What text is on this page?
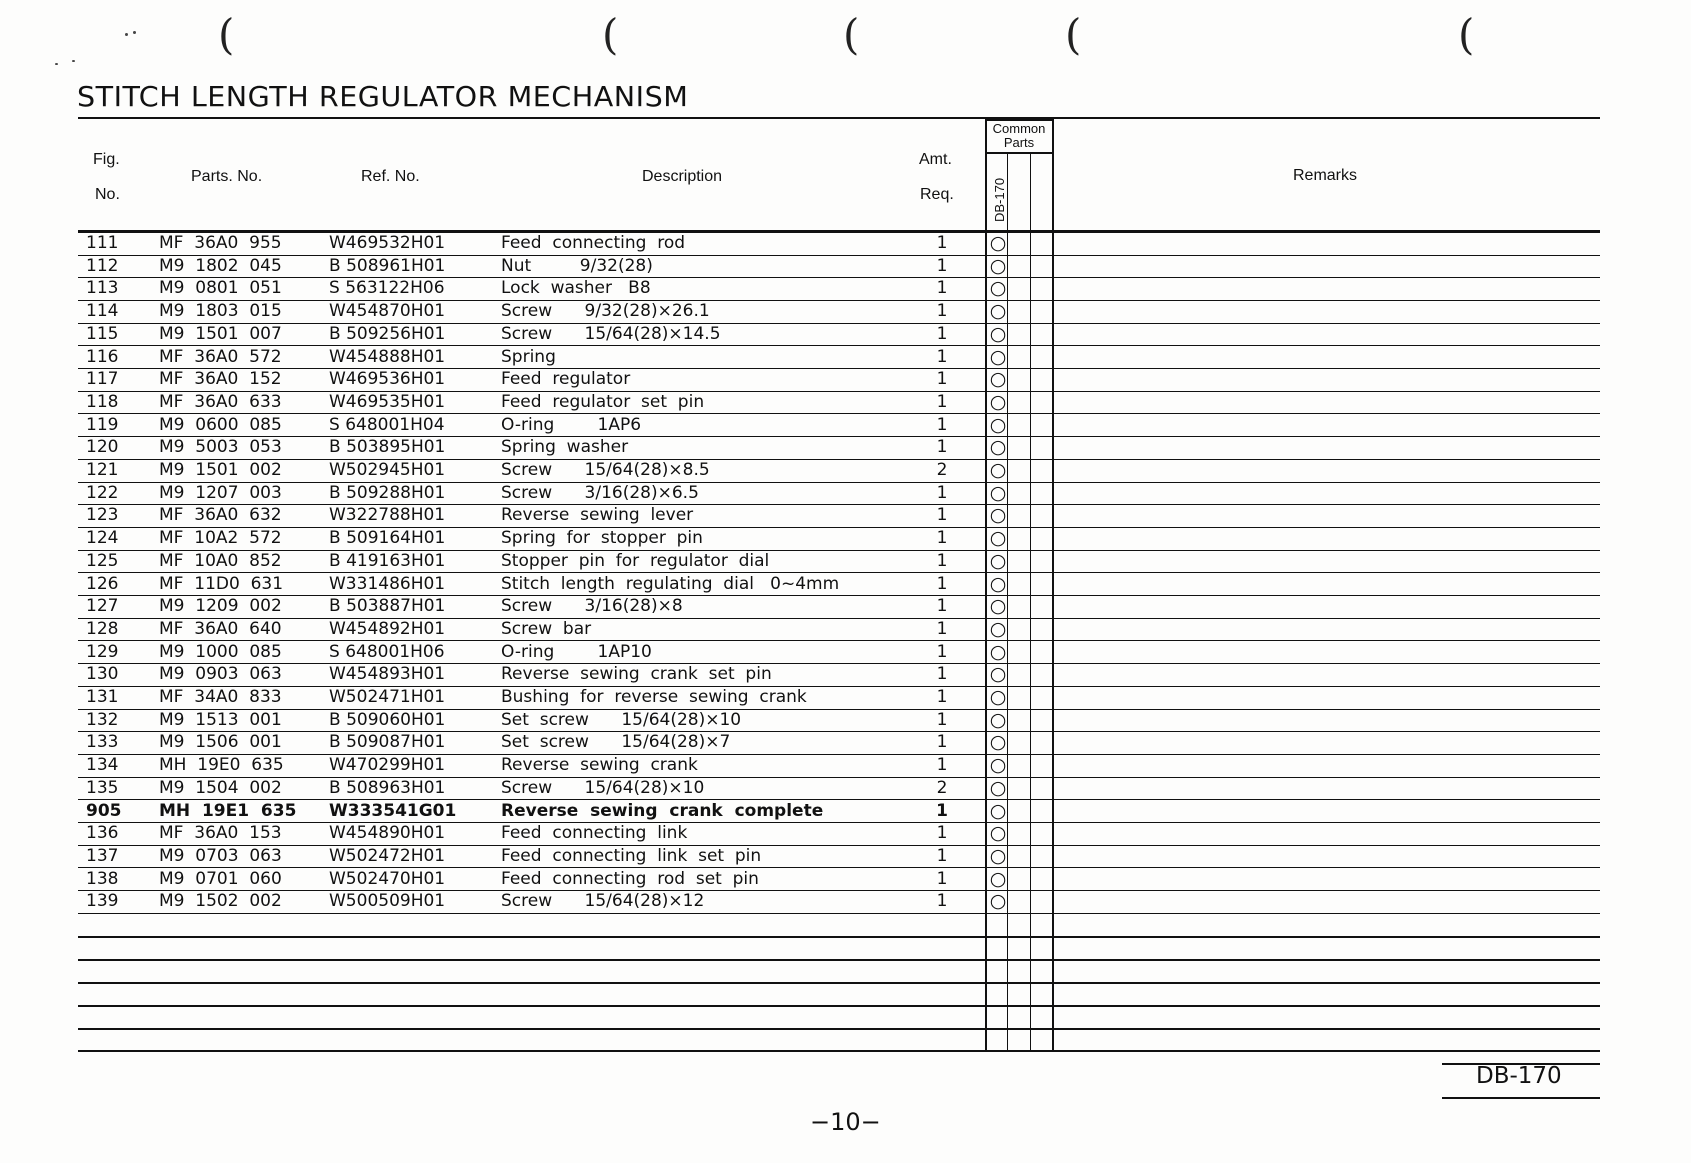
(	(	(	(	(
STITCH LENGTH REGULATOR MECHANISM
Fig.
No.
Parts. No.	Ref. No.	Description
Amt.
Req.
Common
Parts
DB-170
Remarks
111 MF  36A0  955	W469532H01	Feed  connecting  rod	1 ○
112 M9  1802  045	B 508961H01	Nut         9/32(28)	1 ○
113 M9  0801  051	S 563122H06	Lock  washer   B8	1 ○
114 M9  1803  015	W454870H01	Screw      9/32(28)×26.1	1 ○
115 M9  1501  007	B 509256H01	Screw      15/64(28)×14.5	1 ○
116 MF  36A0  572	W454888H01	Spring	1 ○
117 MF  36A0  152	W469536H01	Feed  regulator	1 ○
118 MF  36A0  633	W469535H01	Feed  regulator  set  pin	1 ○
119 M9  0600  085	S 648001H04	O-ring        1AP6	1 ○
120 M9  5003  053	B 503895H01	Spring  washer	1 ○
121 M9  1501  002	W502945H01	Screw      15/64(28)×8.5	2 ○
122 M9  1207  003	B 509288H01	Screw      3/16(28)×6.5	1 ○
123 MF  36A0  632	W322788H01	Reverse  sewing  lever	1 ○
124 MF  10A2  572	B 509164H01	Spring  for  stopper  pin	1 ○
125 MF  10A0  852	B 419163H01	Stopper  pin  for  regulator  dial	1 ○
126 MF  11D0  631	W331486H01	Stitch  length  regulating  dial   0~4mm	1 ○
127 M9  1209  002	B 503887H01	Screw      3/16(28)×8	1 ○
128 MF  36A0  640	W454892H01	Screw  bar	1 ○
129 M9  1000  085	S 648001H06	O-ring        1AP10	1 ○
130 M9  0903  063	W454893H01	Reverse  sewing  crank  set  pin	1 ○
131 MF  34A0  833	W502471H01	Bushing  for  reverse  sewing  crank	1 ○
132 M9  1513  001	B 509060H01	Set  screw      15/64(28)×10	1 ○
133 M9  1506  001	B 509087H01	Set  screw      15/64(28)×7	1 ○
134 MH  19E0  635	W470299H01	Reverse  sewing  crank	1 ○
135 M9  1504  002	B 508963H01	Screw      15/64(28)×10	2 ○
905 MH  19E1  635 W333541G01	Reverse  sewing  crank  complete	1 ○
136 MF  36A0  153	W454890H01	Feed  connecting  link	1 ○
137 M9  0703  063	W502472H01	Feed  connecting  link  set  pin	1 ○
138 M9  0701  060	W502470H01	Feed  connecting  rod  set  pin	1 ○
139 M9  1502  002	W500509H01	Screw      15/64(28)×12	1 ○
DB-170
−10−
